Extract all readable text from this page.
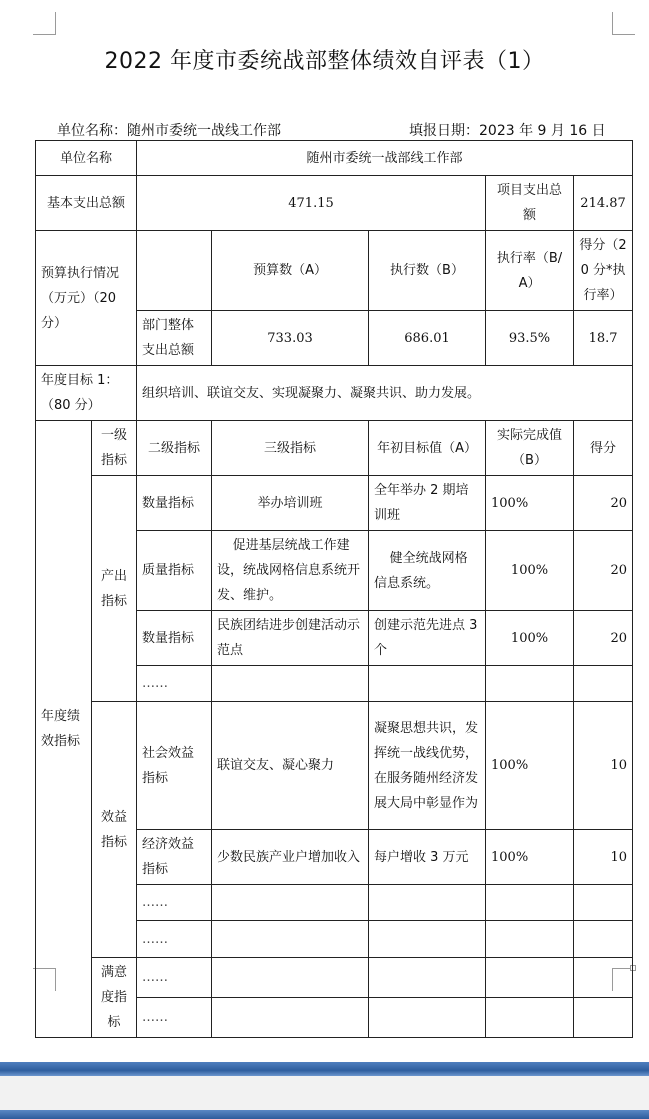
2022 年度市委统战部整体绩效自评表（1）
单位名称：随州市委统一战线工作部	填报日期：2023 年 9 月 16 日
单位名称		随州市委统一战部线工作部				
基本支出总额		471.15			项目支出总额	214.87
预算执行情况（万元）（20 分）			预算数（A）	执行数（B）	执行率（B/A）	得分（20 分*执行率）
		部门整体支出总额	733.03	686.01	93.5%	18.7
年度目标 1：（80 分）		组织培训、联谊交友、实现凝聚力、凝聚共识、助力发展。				
年度绩效指标	一级指标	二级指标	三级指标	年初目标值（A）	实际完成值（B）	得分
	产出指标	数量指标	举办培训班	全年举办 2 期培训班	100%	20
		质量指标	促进基层统战工作建设，统战网格信息系统开发、维护。	健全统战网格信息系统。	100%	20
		数量指标	民族团结进步创建活动示范点	创建示范先进点 3 个	100%	20
		……				
	效益指标	社会效益指标	联谊交友、凝心聚力	凝聚思想共识，发挥统一战线优势，在服务随州经济发展大局中彰显作为	100%	10
		经济效益指标	少数民族产业户增加收入	每户增收 3 万元	100%	10
		……				
		……				
	满意度指标	……				
		……				
